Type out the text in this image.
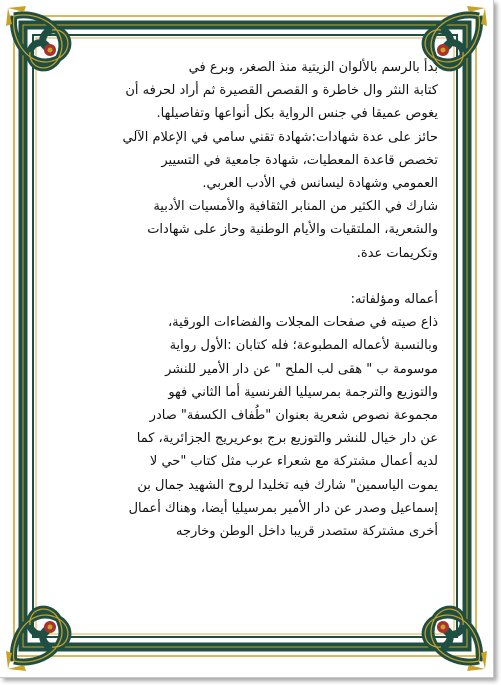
بدأ بالرسم بالألوان الزيتية منذ الصغر، وبرع في
كتابة النثر وال خاطرة و القصص القصيرة ثم أراد لحرفه أن
يغوص عميقا في جنس الرواية بكل أنواعها وتفاصيلها.
حائز على عدة شهادات:شهادة تقني سامي في الإعلام الآلي
تخصص قاعدة المعطيات، شهادة جامعية في التسيير
العمومي وشهادة ليسانس في الأدب العربي.
شارك في الكثير من المنابر الثقافية والأمسيات الأدبية
والشعرية، الملتقيات والأيام الوطنية وحاز على شهادات
وتكريمات عدة.

أعماله ومؤلفاته:
ذاع صيته في صفحات المجلات والفضاءات الورقية،
وبالنسبة لأعماله المطبوعة؛ فله كتابان :الأول رواية
موسومة ب " هقى لب الملح " عن دار الأمير للنشر
والتوزيع والترجمة بمرسيليا الفرنسية أما الثاني فهو
مجموعة نصوص شعرية بعنوان "طُفاف الكسفة" صادر
عن دار خيال للنشر والتوزيع برج بوعريريج الجزائرية، كما
لديه أعمال مشتركة مع شعراء عرب مثل كتاب "حي لا
يموت الياسمين" شارك فيه تخليدا لروح الشهيد جمال بن
إسماعيل وصدر عن دار الأمير بمرسيليا أيضا، وهناك أعمال
أخرى مشتركة ستصدر قريبا داخل الوطن وخارجه
